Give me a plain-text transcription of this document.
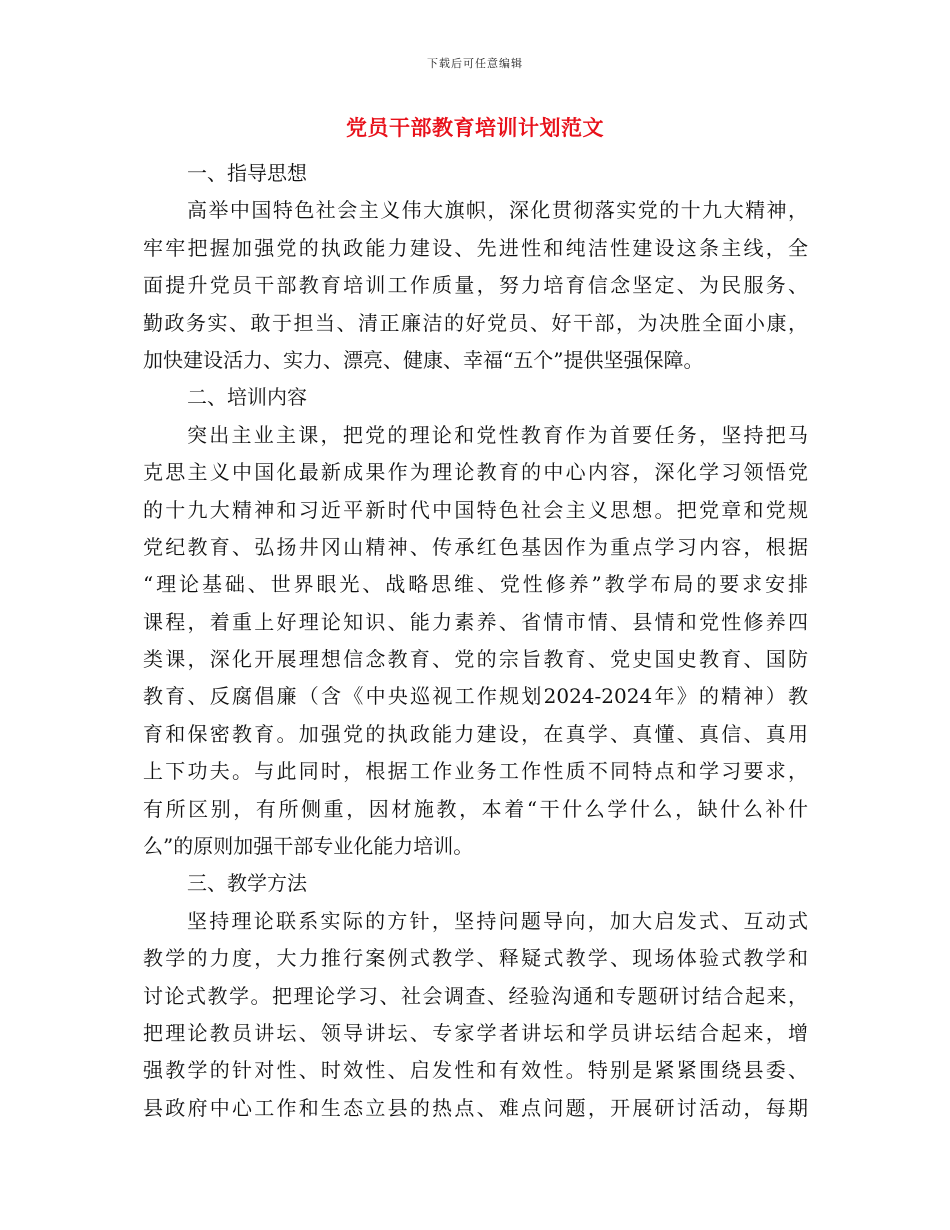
下载后可任意编辑
党员干部教育培训计划范文
一、指导思想
高举中国特色社会主义伟大旗帜，深化贯彻落实党的十九大精神，
牢牢把握加强党的执政能力建设、先进性和纯洁性建设这条主线，全
面提升党员干部教育培训工作质量，努力培育信念坚定、为民服务、
勤政务实、敢于担当、清正廉洁的好党员、好干部，为决胜全面小康，
加快建设活力、实力、漂亮、健康、幸福“五个”提供坚强保障。
二、培训内容
突出主业主课，把党的理论和党性教育作为首要任务，坚持把马
克思主义中国化最新成果作为理论教育的中心内容，深化学习领悟党
的十九大精神和习近平新时代中国特色社会主义思想。把党章和党规
党纪教育、弘扬井冈山精神、传承红色基因作为重点学习内容，根据
“理论基础、世界眼光、战略思维、党性修养”教学布局的要求安排
课程，着重上好理论知识、能力素养、省情市情、县情和党性修养四
类课，深化开展理想信念教育、党的宗旨教育、党史国史教育、国防
教育、反腐倡廉（含《中央巡视工作规划2024-2024年》的精神）教
育和保密教育。加强党的执政能力建设，在真学、真懂、真信、真用
上下功夫。与此同时，根据工作业务工作性质不同特点和学习要求，
有所区别，有所侧重，因材施教，本着“干什么学什么，缺什么补什
么”的原则加强干部专业化能力培训。
三、教学方法
坚持理论联系实际的方针，坚持问题导向，加大启发式、互动式
教学的力度，大力推行案例式教学、释疑式教学、现场体验式教学和
讨论式教学。把理论学习、社会调查、经验沟通和专题研讨结合起来，
把理论教员讲坛、领导讲坛、专家学者讲坛和学员讲坛结合起来，增
强教学的针对性、时效性、启发性和有效性。特别是紧紧围绕县委、
县政府中心工作和生态立县的热点、难点问题，开展研讨活动，每期
